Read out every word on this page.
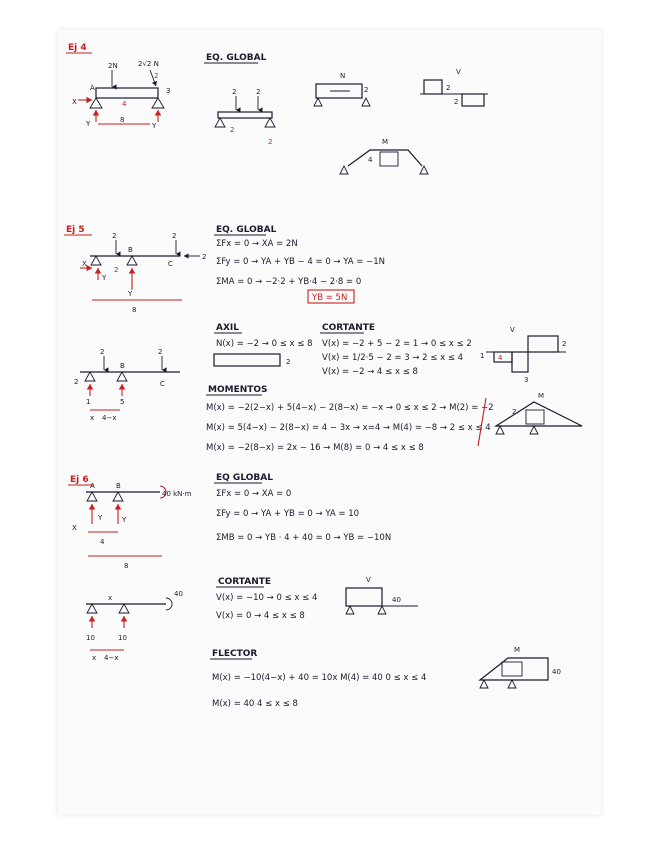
Ej 4
2N	2√2 N
2
4
A	3
X
Y	Y
8
EQ. GLOBAL
2	2
2
2
N
2
V
2
2
M
4
Ej 5
2	2
2
B
C
Y
Y
X
2
8
EQ. GLOBAL
ΣFx = 0 → XA = 2N
ΣFy = 0 → YA + YB − 4 = 0 → YA = −1N
ΣMA = 0 → −2·2 + YB·4 − 2·8 = 0
YB = 5N
AXIL
N(x) = −2 → 0 ≤ x ≤ 8
2
CORTANTE
V(x) = −2 + 5 − 2 = 1 → 0 ≤ x ≤ 2
V(x) = 1/2·5 − 2 = 3 → 2 ≤ x ≤ 4
V(x) = −2 → 4 ≤ x ≤ 8
V
2
1
3
4
2	2
2
B
C
1	5
x 4−x
MOMENTOS
M(x) = −2(2−x) + 5(4−x) − 2(8−x) = −x → 0 ≤ x ≤ 2 → M(2) = −2
M(x) = 5(4−x) − 2(8−x) = 4 − 3x → x=4 → M(4) = −8 → 2 ≤ x ≤ 4
M(x) = −2(8−x) = 2x − 16 → M(8) = 0 → 4 ≤ x ≤ 8
M
2
Ej 6
40 kN·m
A	B
X
Y	Y
4
8
EQ GLOBAL
ΣFx = 0 → XA = 0
ΣFy = 0 → YA + YB = 0 → YA = 10
ΣMB = 0 → YB · 4 + 40 = 0 → YB = −10N
40
x
10	10
x 4−x
CORTANTE
V(x) = −10 → 0 ≤ x ≤ 4
V(x) = 0 → 4 ≤ x ≤ 8
V
40
FLECTOR
M(x) = −10(4−x) + 40 = 10x M(4) = 40 0 ≤ x ≤ 4
M(x) = 40 4 ≤ x ≤ 8
M
40
